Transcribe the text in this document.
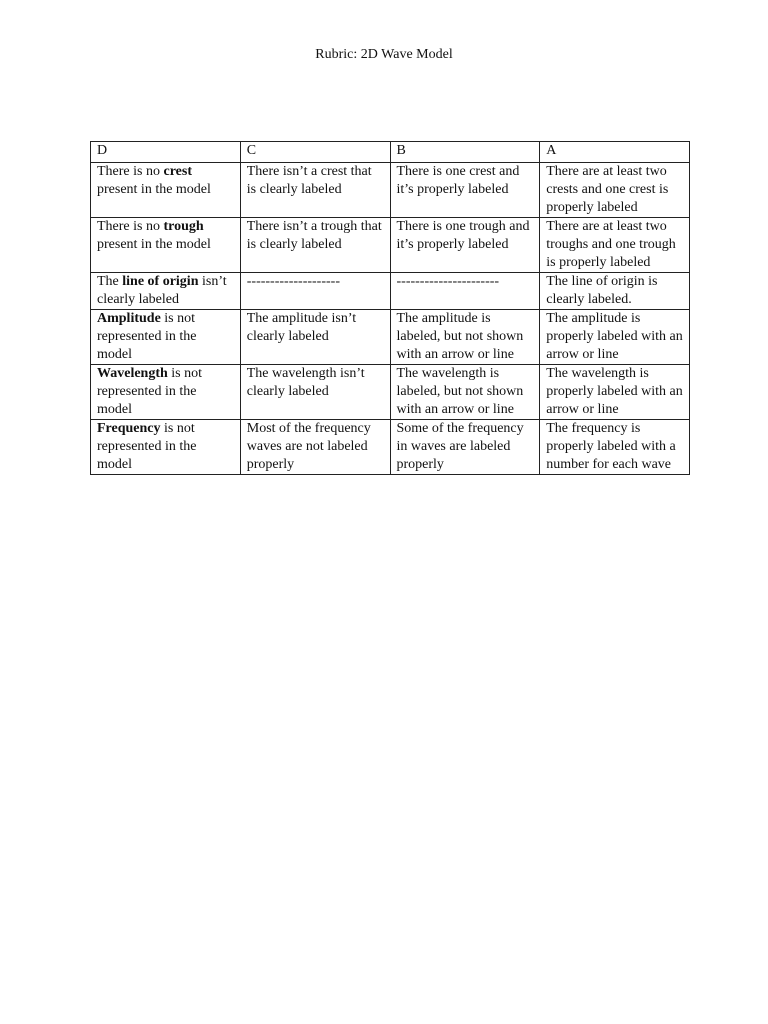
Rubric: 2D Wave Model
D	C	B	A
There is no crest present in the model	There isn’t a crest that is clearly labeled	There is one crest and it’s properly labeled	There are at least two crests and one crest is properly labeled
There is no trough present in the model	There isn’t a trough that is clearly labeled	There is one trough and it’s properly labeled	There are at least two troughs and one trough is properly labeled
The line of origin isn’t clearly labeled	--------------------	----------------------	The line of origin is clearly labeled.
Amplitude is not represented in the model	The amplitude isn’t clearly labeled	The amplitude is labeled, but not shown with an arrow or line	The amplitude is properly labeled with an arrow or line
Wavelength is not represented in the model	The wavelength isn’t clearly labeled	The wavelength is labeled, but not shown with an arrow or line	The wavelength is properly labeled with an arrow or line
Frequency is not represented in the model	Most of the frequency waves are not labeled properly	Some of the frequency in waves are labeled properly	The frequency is properly labeled with a number for each wave
